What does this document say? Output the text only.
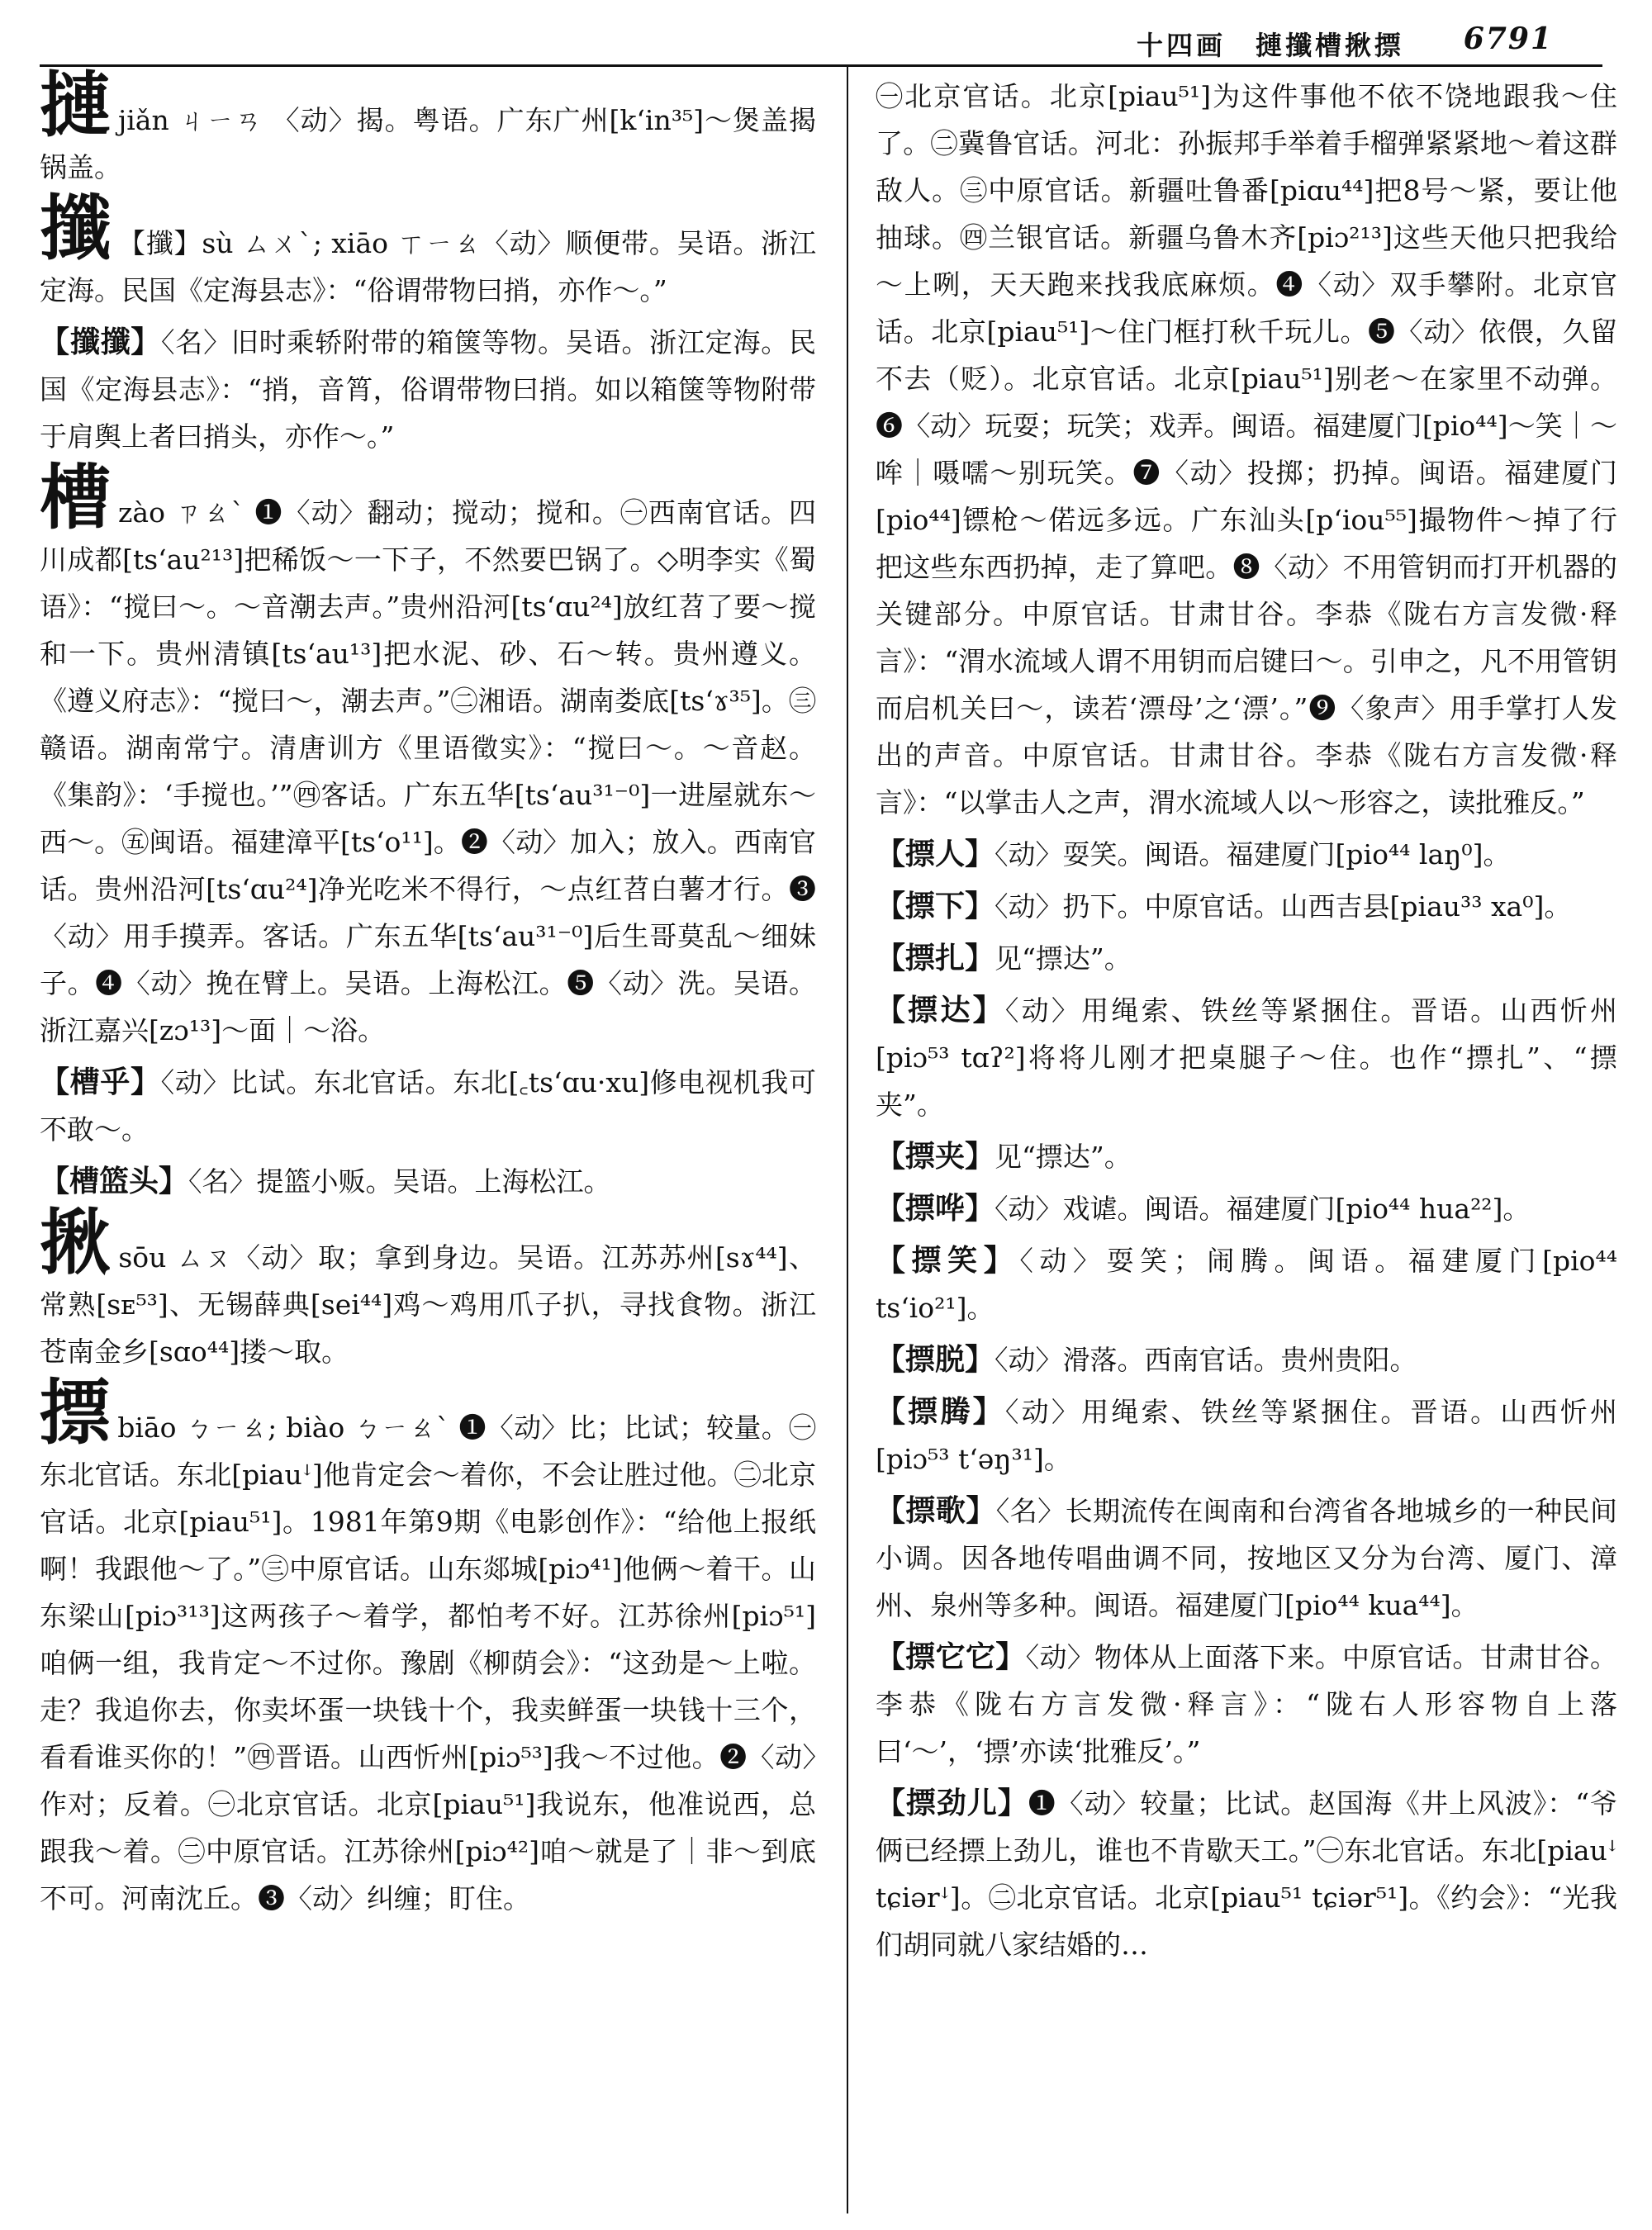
十四画　摙攕槽揪摽 6791

摙jiǎn ㄐㄧㄢ 〈动〉揭。粤语。广东广州[kʻin³⁵]～煲盖揭锅盖。

攕 【攕】sù ㄙㄨˋ; xiāo ㄒㄧㄠ〈动〉顺便带。吴语。浙江定海。民国《定海县志》：“俗谓带物曰捎，亦作～。”

【攕攕】〈名〉旧时乘轿附带的箱箧等物。吴语。浙江定海。民国《定海县志》：“捎，音筲，俗谓带物曰捎。如以箱箧等物附带于肩舆上者曰捎头，亦作～。”

槽zào ㄗㄠˋ ❶〈动〉翻动；搅动；搅和。㊀西南官话。四川成都[tsʻau²¹³]把稀饭～一下子，不然要巴锅了。◇明李实《蜀语》：“搅曰～。～音潮去声。”贵州沿河[tsʻɑu²⁴]放红苕了要～搅和一下。贵州清镇[tsʻau¹³]把水泥、砂、石～转。贵州遵义。《遵义府志》：“搅曰～，潮去声。”㊁湘语。湖南娄底[tsʻɤ³⁵]。㊂赣语。湖南常宁。清唐训方《里语徵实》：“搅曰～。～音赵。《集韵》：‘手搅也。’”㊃客话。广东五华[tsʻau³¹⁻⁰]一进屋就东～西～。㊄闽语。福建漳平[tsʻo¹¹]。❷〈动〉加入；放入。西南官话。贵州沿河[tsʻɑu²⁴]净光吃米不得行，～点红苕白薯才行。❸〈动〉用手摸弄。客话。广东五华[tsʻau³¹⁻⁰]后生哥莫乱～细妹子。❹〈动〉挽在臂上。吴语。上海松江。❺〈动〉洗。吴语。浙江嘉兴[zɔ¹³]～面｜～浴。

【槽乎】〈动〉比试。东北官话。东北[꜀tsʻɑu·xu]修电视机我可不敢～。

【槽篮头】〈名〉提篮小贩。吴语。上海松江。

揪sōu ㄙㄡ〈动〉取；拿到身边。吴语。江苏苏州[sɤ⁴⁴]、常熟[sᴇ⁵³]、无锡薛典[sei⁴⁴]鸡～鸡用爪子扒，寻找食物。浙江苍南金乡[sɑo⁴⁴]搂～取。

摽biāo ㄅㄧㄠ; biào ㄅㄧㄠˋ ❶〈动〉比；比试；较量。㊀东北官话。东北[piauꜜ]他肯定会～着你，不会让胜过他。㊁北京官话。北京[piau⁵¹]。1981年第9期《电影创作》：“给他上报纸啊！我跟他～了。”㊂中原官话。山东郯城[piɔ⁴¹]他俩～着干。山东梁山[piɔ³¹³]这两孩子～着学，都怕考不好。江苏徐州[piɔ⁵¹]咱俩一组，我肯定～不过你。豫剧《柳荫会》：“这劲是～上啦。走？我追你去，你卖坏蛋一块钱十个，我卖鲜蛋一块钱十三个，看看谁买你的！”㊃晋语。山西忻州[piɔ⁵³]我～不过他。❷〈动〉作对；反着。㊀北京官话。北京[piau⁵¹]我说东，他准说西，总跟我～着。㊁中原官话。江苏徐州[piɔ⁴²]咱～就是了｜非～到底不可。河南沈丘。❸〈动〉纠缠；盯住。

㊀北京官话。北京[piau⁵¹]为这件事他不依不饶地跟我～住了。㊁冀鲁官话。河北：孙振邦手举着手榴弹紧紧地～着这群敌人。㊂中原官话。新疆吐鲁番[piɑu⁴⁴]把8号～紧，要让他抽球。㊃兰银官话。新疆乌鲁木齐[piɔ²¹³]这些天他只把我给～上咧，天天跑来找我底麻烦。❹〈动〉双手攀附。北京官话。北京[piau⁵¹]～住门框打秋千玩儿。❺〈动〉依偎，久留不去（贬）。北京官话。北京[piau⁵¹]别老～在家里不动弹。❻〈动〉玩耍；玩笑；戏弄。闽语。福建厦门[pio⁴⁴]～笑｜～哞｜嗫嚅～别玩笑。❼〈动〉投掷；扔掉。闽语。福建厦门[pio⁴⁴]镖枪～偌远多远。广东汕头[pʻiou⁵⁵]撮物件～掉了行把这些东西扔掉，走了算吧。❽〈动〉不用管钥而打开机器的关键部分。中原官话。甘肃甘谷。李恭《陇右方言发微·释言》：“渭水流域人谓不用钥而启键曰～。引申之，凡不用管钥而启机关曰～，读若‘漂母’之‘漂’。”❾〈象声〉用手掌打人发出的声音。中原官话。甘肃甘谷。李恭《陇右方言发微·释言》：“以掌击人之声，渭水流域人以～形容之，读批雅反。”

【摽人】〈动〉耍笑。闽语。福建厦门[pio⁴⁴ laŋ⁰]。

【摽下】〈动〉扔下。中原官话。山西吉县[piau³³ xa⁰]。

【摽扎】见“摽达”。

【摽达】〈动〉用绳索、铁丝等紧捆住。晋语。山西忻州[piɔ⁵³ tɑʔ²]将将儿刚才把桌腿子～住。也作“摽扎”、“摽夹”。

【摽夹】见“摽达”。

【摽哗】〈动〉戏谑。闽语。福建厦门[pio⁴⁴ hua²²]。

【摽笑】〈动〉耍笑；闹腾。闽语。福建厦门[pio⁴⁴ tsʻio²¹]。

【摽脱】〈动〉滑落。西南官话。贵州贵阳。

【摽腾】〈动〉用绳索、铁丝等紧捆住。晋语。山西忻州[piɔ⁵³ tʻəŋ³¹]。

【摽歌】〈名〉长期流传在闽南和台湾省各地城乡的一种民间小调。因各地传唱曲调不同，按地区又分为台湾、厦门、漳州、泉州等多种。闽语。福建厦门[pio⁴⁴ kua⁴⁴]。

【摽它它】〈动〉物体从上面落下来。中原官话。甘肃甘谷。李恭《陇右方言发微·释言》：“陇右人形容物自上落曰‘～’，‘摽’亦读‘批雅反’。”

【摽劲儿】❶〈动〉较量；比试。赵国海《井上风波》：“爷俩已经摽上劲儿，谁也不肯歇天工。”㊀东北官话。东北[piauꜜ tɕiərꜜ]。㊁北京官话。北京[piau⁵¹ tɕiər⁵¹]。《约会》：“光我们胡同就八家结婚的…
